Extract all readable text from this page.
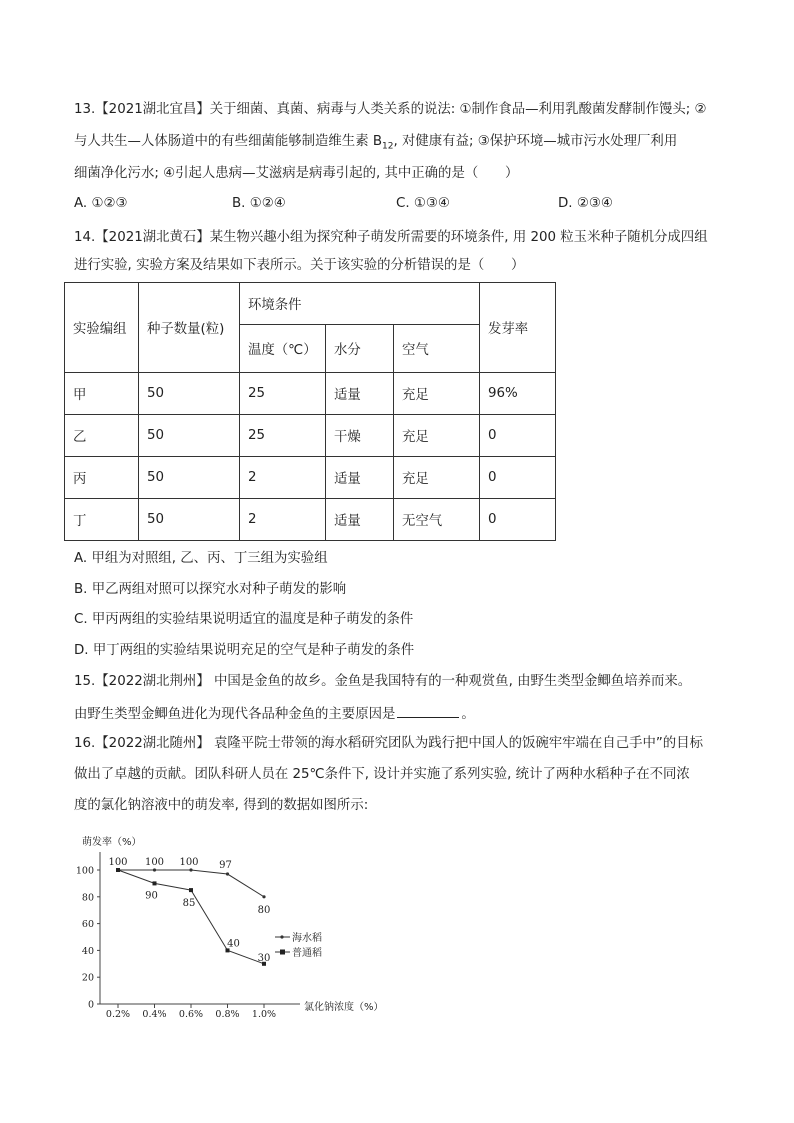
13.【2021湖北宜昌】关于细菌、真菌、病毒与人类关系的说法: ①制作食品—利用乳酸菌发酵制作馒头; ②
与人共生—人体肠道中的有些细菌能够制造维生素 $B_{12}$, 对健康有益; ③保护环境—城市污水处理厂利用
细菌净化污水; ④引起人患病—艾滋病是病毒引起的, 其中正确的是（　　）
A. ①②③	B. ①②④	C. ①③④	D. ②③④
14.【2021湖北黄石】某生物兴趣小组为探究种子萌发所需要的环境条件, 用 200 粒玉米种子随机分成四组
进行实验, 实验方案及结果如下表所示。关于该实验的分析错误的是（　　）
实验编组	种子数量(粒)	环境条件			发芽率
		温度（℃）	水分	空气	
甲	50	25	适量	充足	96%
乙	50	25	干燥	充足	0
丙	50	2	适量	充足	0
丁	50	2	适量	无空气	0
A. 甲组为对照组, 乙、丙、丁三组为实验组
B. 甲乙两组对照可以探究水对种子萌发的影响
C. 甲丙两组的实验结果说明适宜的温度是种子萌发的条件
D. 甲丁两组的实验结果说明充足的空气是种子萌发的条件
15.【2022湖北荆州】 中国是金鱼的故乡。金鱼是我国特有的一种观赏鱼, 由野生类型金鲫鱼培养而来。
由野生类型金鲫鱼进化为现代各品种金鱼的主要原因是	。
16.【2022湖北随州】 袁隆平院士带领的海水稻研究团队为践行把中国人的饭碗牢牢端在自己手中”的目标
做出了卓越的贡献。团队科研人员在 25℃条件下, 设计并实施了系列实验, 统计了两种水稻种子在不同浓
度的氯化钠溶液中的萌发率, 得到的数据如图所示:
萌发率（%）
氯化钠浓度（%）
0
20
40
60
80
100
0.2% 0.4% 0.6% 0.8% 1.0%
100 100 100 97
80
90
85
40
30
海水稻
普通稻
